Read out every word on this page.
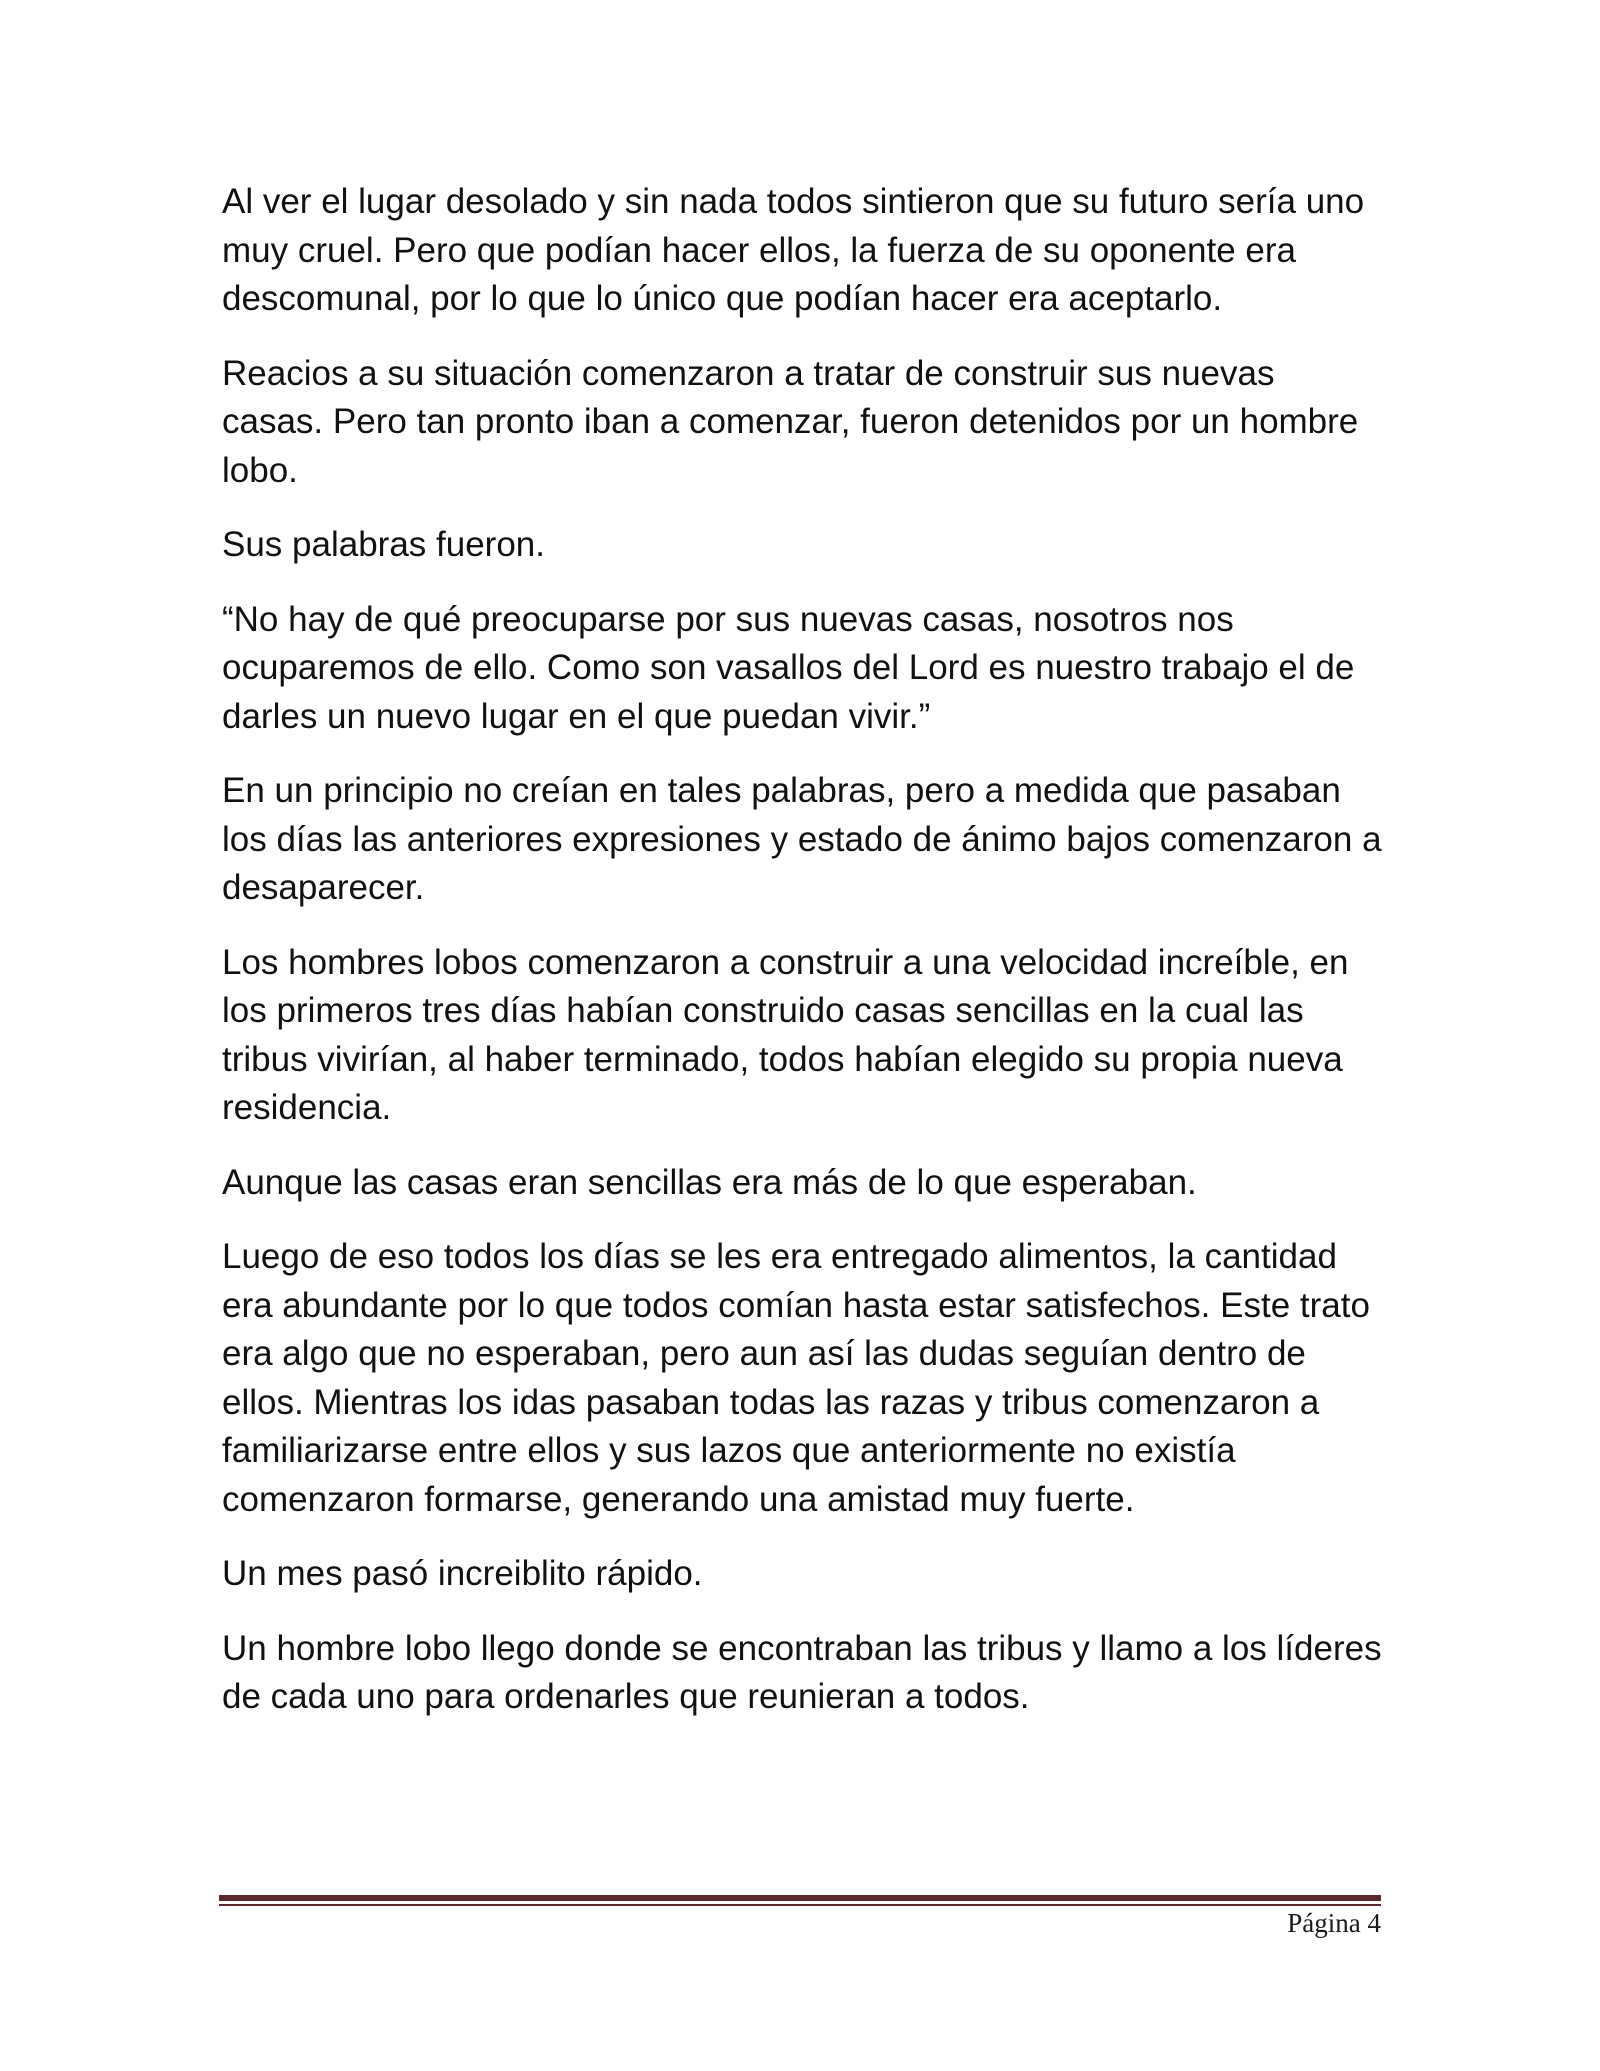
Al ver el lugar desolado y sin nada todos sintieron que su futuro sería uno muy cruel. Pero que podían hacer ellos, la fuerza de su oponente era descomunal, por lo que lo único que podían hacer era aceptarlo.

Reacios a su situación comenzaron a tratar de construir sus nuevas casas. Pero tan pronto iban a comenzar, fueron detenidos por un hombre lobo.

Sus palabras fueron.

“No hay de qué preocuparse por sus nuevas casas, nosotros nos ocuparemos de ello. Como son vasallos del Lord es nuestro trabajo el de darles un nuevo lugar en el que puedan vivir.”

En un principio no creían en tales palabras, pero a medida que pasaban los días las anteriores expresiones y estado de ánimo bajos comenzaron a desaparecer.

Los hombres lobos comenzaron a construir a una velocidad increíble, en los primeros tres días habían construido casas sencillas en la cual las tribus vivirían, al haber terminado, todos habían elegido su propia nueva residencia.

Aunque las casas eran sencillas era más de lo que esperaban.

Luego de eso todos los días se les era entregado alimentos, la cantidad era abundante por lo que todos comían hasta estar satisfechos. Este trato era algo que no esperaban, pero aun así las dudas seguían dentro de ellos. Mientras los idas pasaban todas las razas y tribus comenzaron a familiarizarse entre ellos y sus lazos que anteriormente no existía comenzaron formarse, generando una amistad muy fuerte.

Un mes pasó increiblito rápido.

Un hombre lobo llego donde se encontraban las tribus y llamo a los líderes de cada uno para ordenarles que reunieran a todos.

Página 4
